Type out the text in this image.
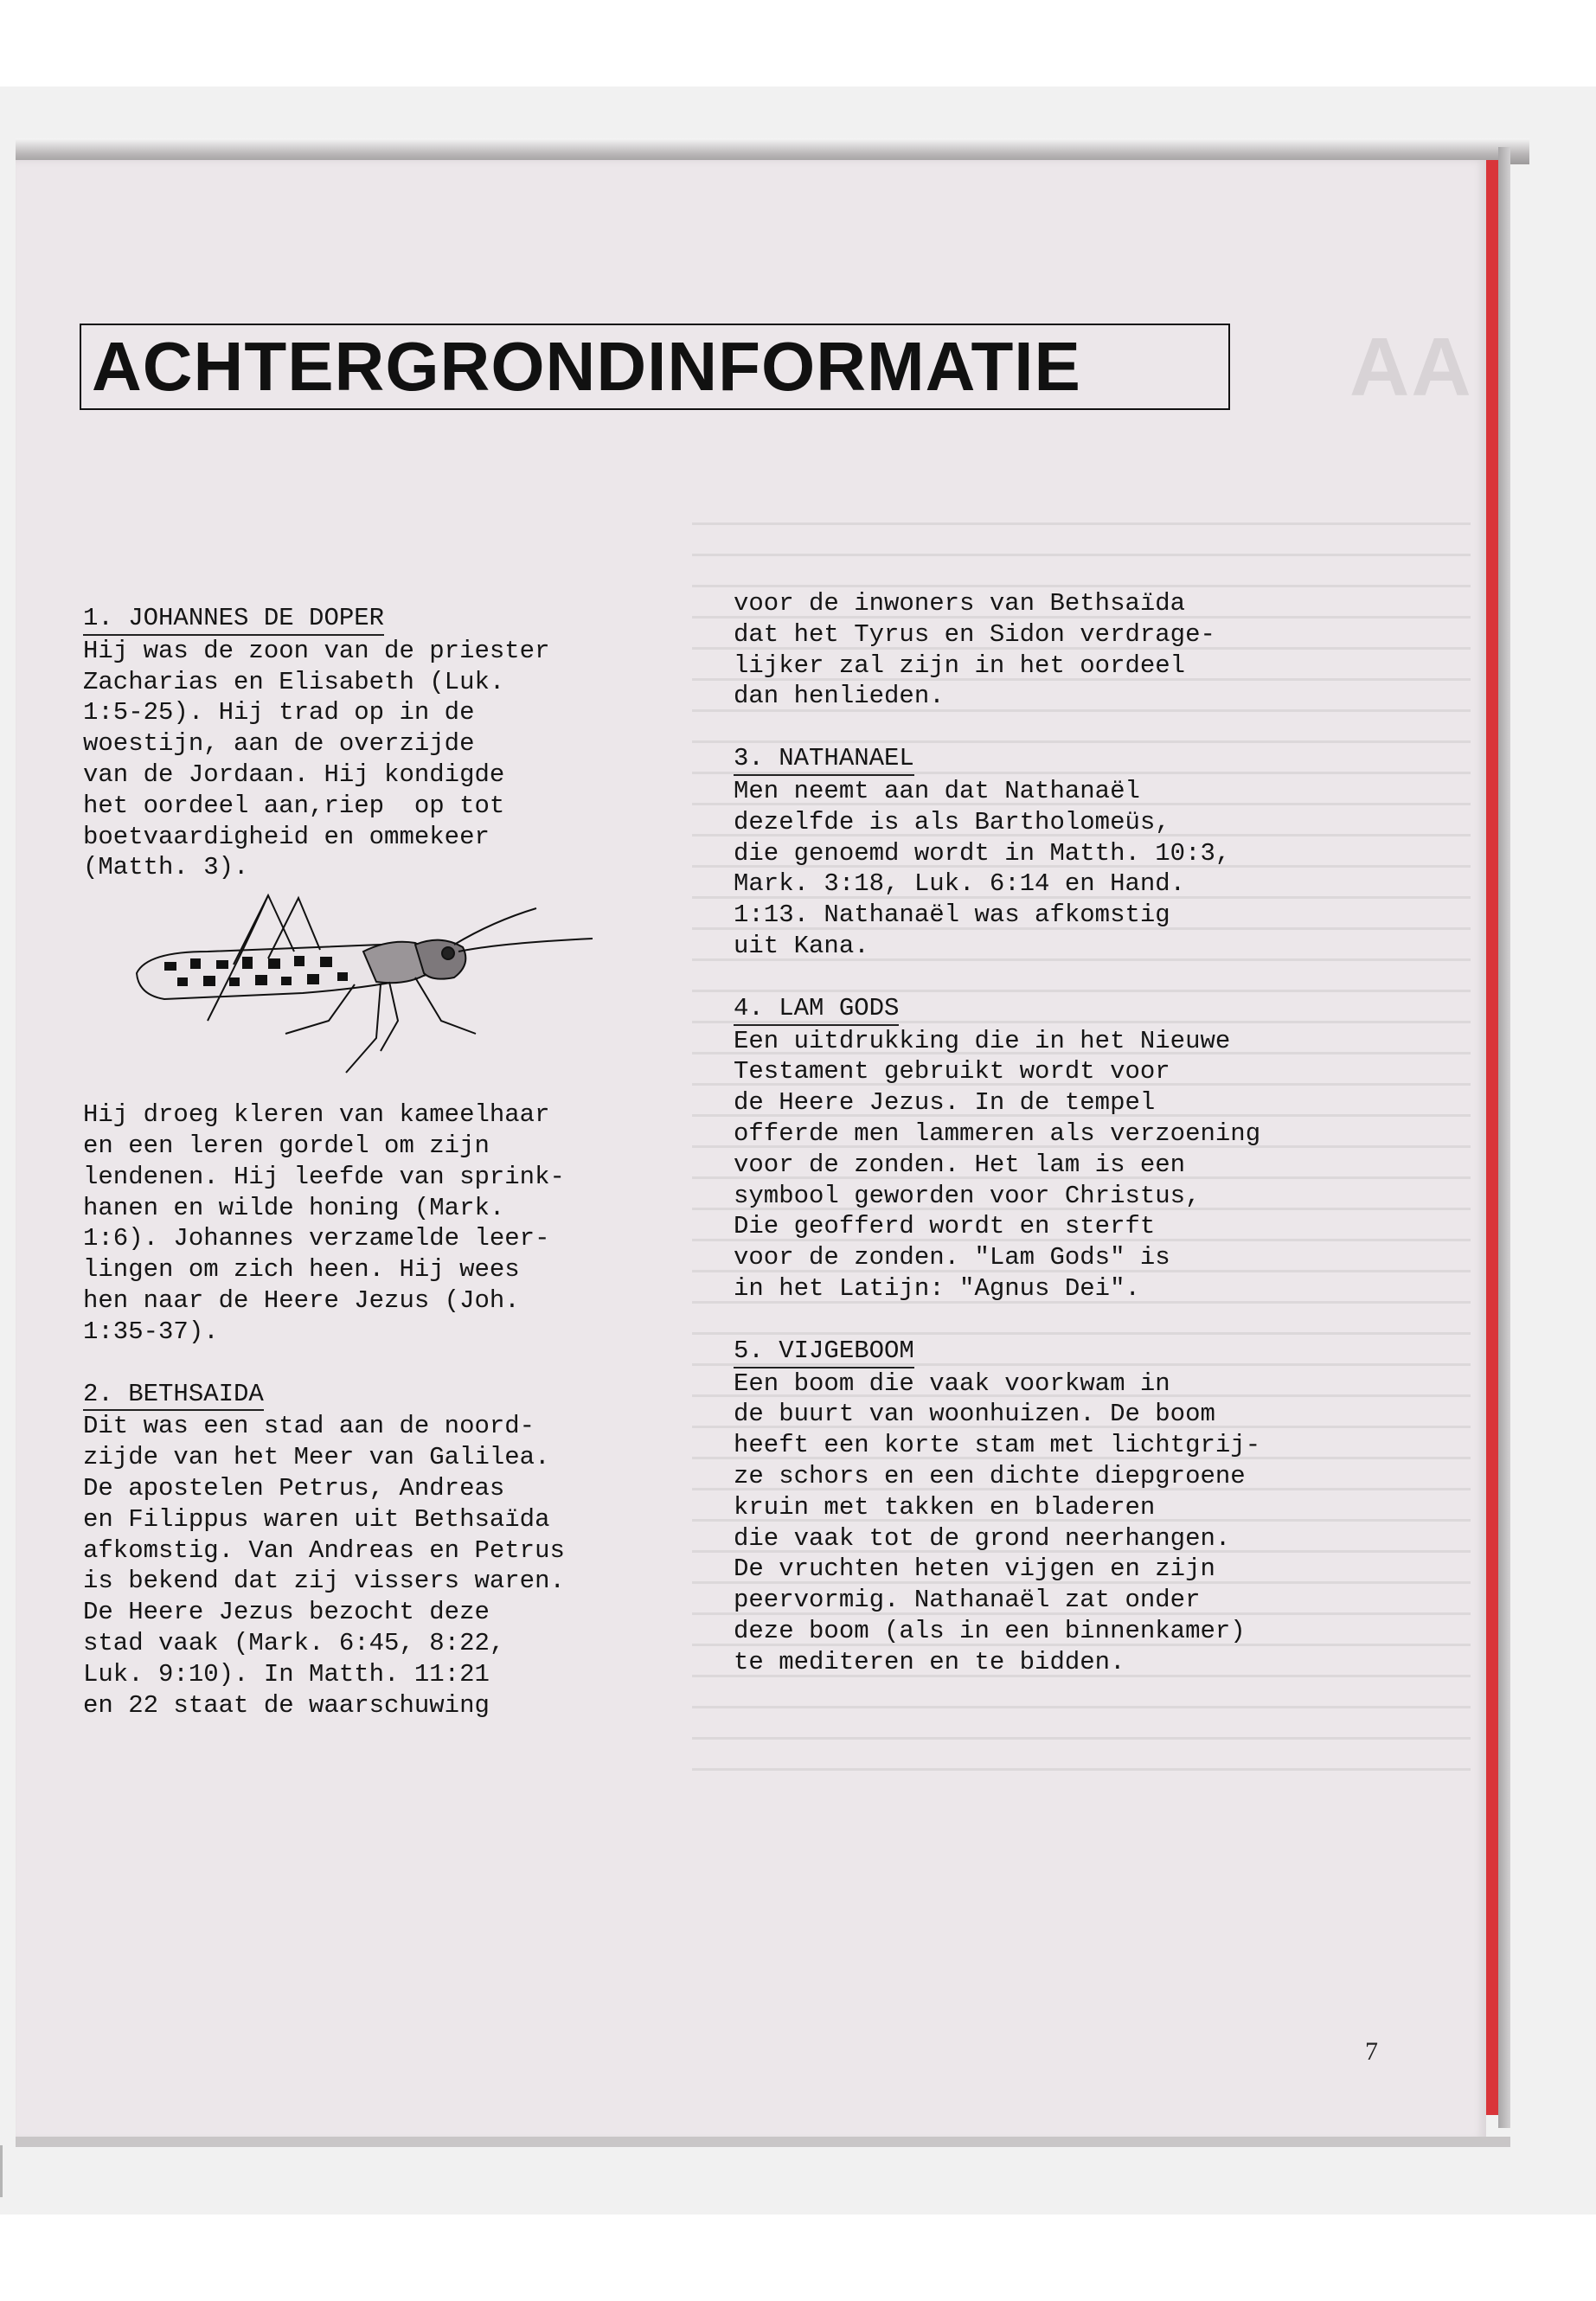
AA
ACHTERGRONDINFORMATIE
1. JOHANNES DE DOPER

Hij was de zoon van de priester

Zacharias en Elisabeth (Luk.

1:5-25). Hij trad op in de

woestijn, aan de overzijde

van de Jordaan. Hij kondigde

het oordeel aan,riep  op tot

boetvaardigheid en ommekeer

(Matth. 3).

Hij droeg kleren van kameelhaar

en een leren gordel om zijn

lendenen. Hij leefde van sprink-

hanen en wilde honing (Mark.

1:6). Johannes verzamelde leer-

lingen om zich heen. Hij wees

hen naar de Heere Jezus (Joh.

1:35-37).

2. BETHSAIDA

Dit was een stad aan de noord-

zijde van het Meer van Galilea.

De apostelen Petrus, Andreas

en Filippus waren uit Bethsaïda

afkomstig. Van Andreas en Petrus

is bekend dat zij vissers waren.

De Heere Jezus bezocht deze

stad vaak (Mark. 6:45, 8:22,

Luk. 9:10). In Matth. 11:21

en 22 staat de waarschuwing

voor de inwoners van Bethsaïda

dat het Tyrus en Sidon verdrage-

lijker zal zijn in het oordeel

dan henlieden.

3. NATHANAEL

Men neemt aan dat Nathanaël

dezelfde is als Bartholomeüs,

die genoemd wordt in Matth. 10:3,

Mark. 3:18, Luk. 6:14 en Hand.

1:13. Nathanaël was afkomstig

uit Kana.

4. LAM GODS

Een uitdrukking die in het Nieuwe

Testament gebruikt wordt voor

de Heere Jezus. In de tempel

offerde men lammeren als verzoening

voor de zonden. Het lam is een

symbool geworden voor Christus,

Die geofferd wordt en sterft

voor de zonden. "Lam Gods" is

in het Latijn: "Agnus Dei".

5. VIJGEBOOM

Een boom die vaak voorkwam in

de buurt van woonhuizen. De boom

heeft een korte stam met lichtgrij-

ze schors en een dichte diepgroene

kruin met takken en bladeren

die vaak tot de grond neerhangen.

De vruchten heten vijgen en zijn

peervormig. Nathanaël zat onder

deze boom (als in een binnenkamer)

te mediteren en te bidden.

7
